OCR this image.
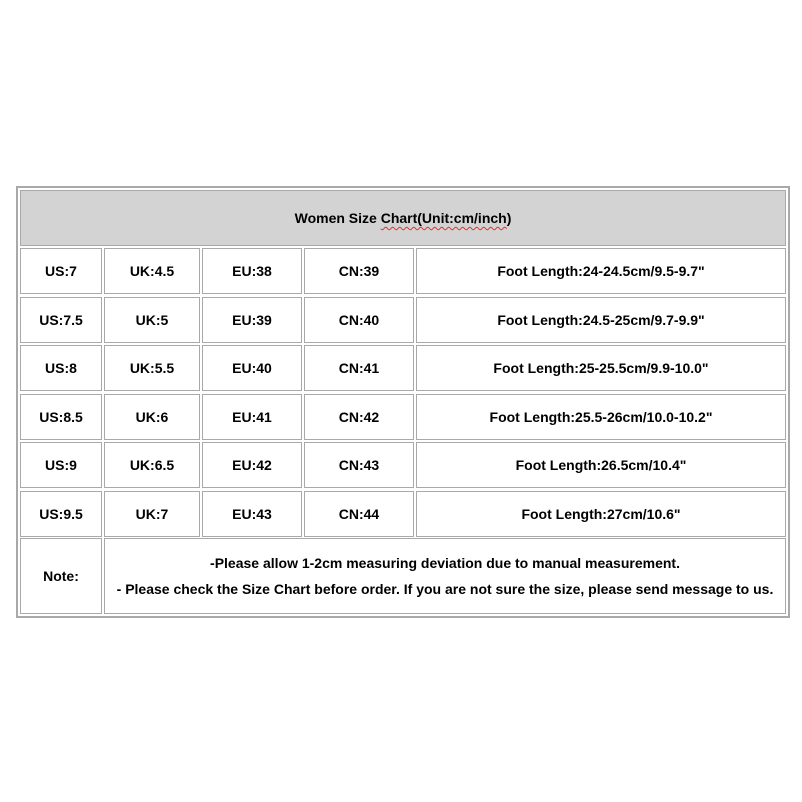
Women Size Chart(Unit:cm/inch)
US:7	UK:4.5	EU:38	CN:39	Foot Length:24-24.5cm/9.5-9.7"
US:7.5	UK:5	EU:39	CN:40	Foot Length:24.5-25cm/9.7-9.9"
US:8	UK:5.5	EU:40	CN:41	Foot Length:25-25.5cm/9.9-10.0"
US:8.5	UK:6	EU:41	CN:42	Foot Length:25.5-26cm/10.0-10.2"
US:9	UK:6.5	EU:42	CN:43	Foot Length:26.5cm/10.4"
US:9.5	UK:7	EU:43	CN:44	Foot Length:27cm/10.6"
Note:
-Please allow 1-2cm measuring deviation due to manual measurement.
- Please check the Size Chart before order. If you are not sure the size, please send message to us.
